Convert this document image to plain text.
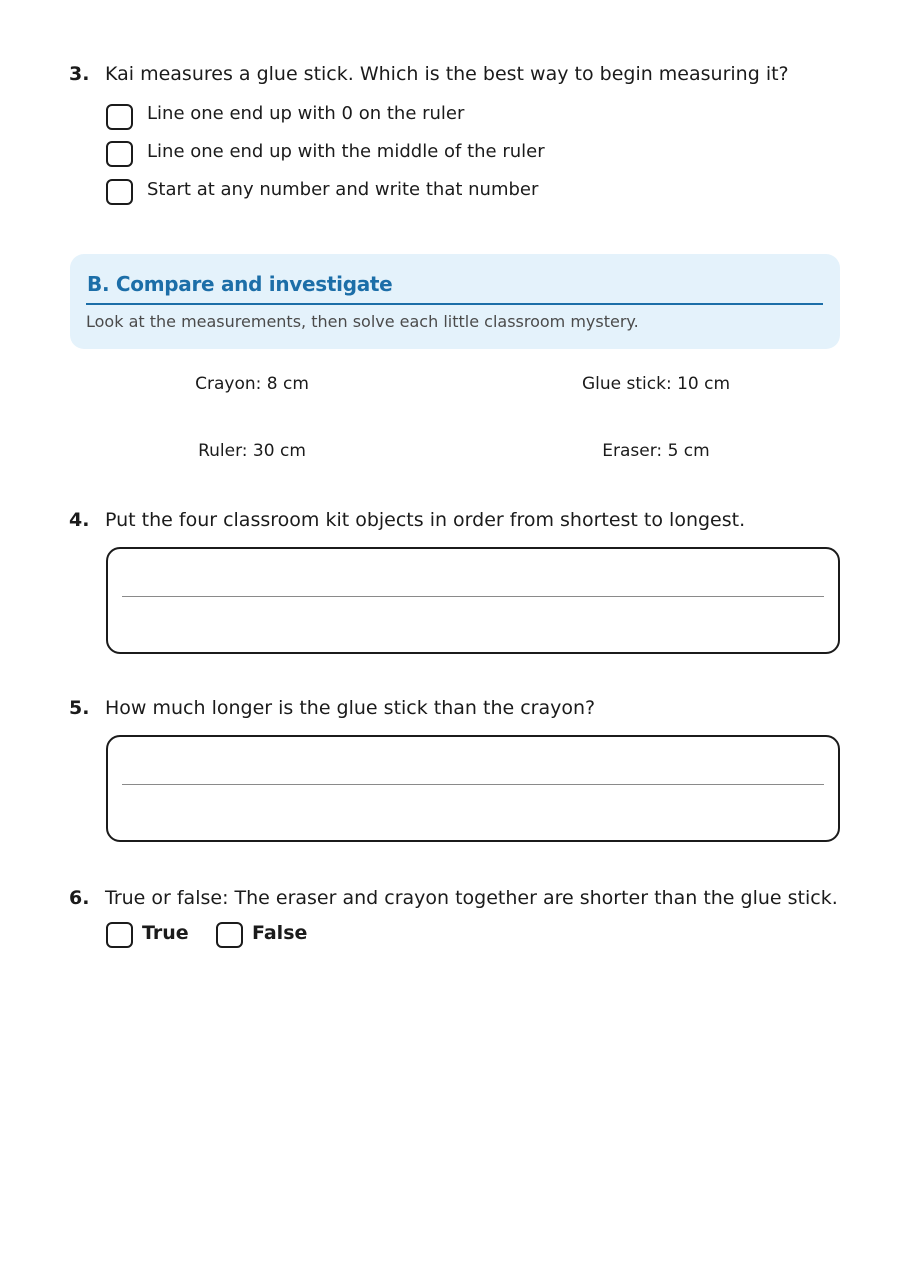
3. Kai measures a glue stick. Which is the best way to begin measuring it?
Line one end up with 0 on the ruler
Line one end up with the middle of the ruler
Start at any number and write that number
B. Compare and investigate
Look at the measurements, then solve each little classroom mystery.
Crayon: 8 cm	Glue stick: 10 cm
Ruler: 30 cm	Eraser: 5 cm
4. Put the four classroom kit objects in order from shortest to longest.
5. How much longer is the glue stick than the crayon?
6. True or false: The eraser and crayon together are shorter than the glue stick.
True	False
